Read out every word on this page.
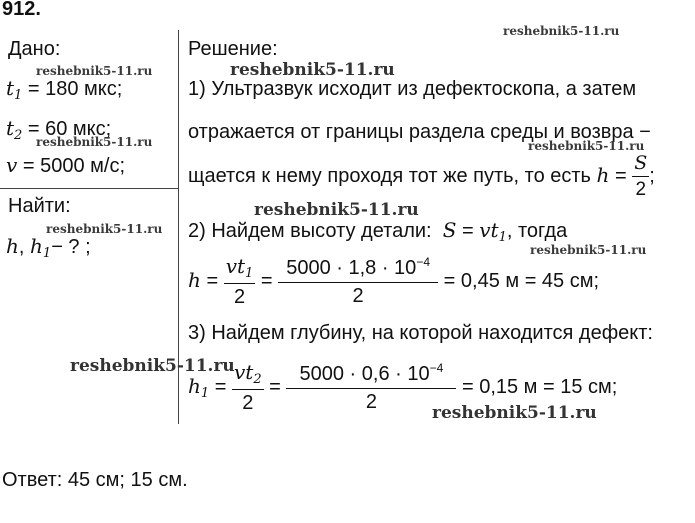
912.
Дано:
$t_1 = 180$ мкс;
$t_2 = 60$ мкс;
v = 5000 м/с;
Найти:
h, $h_1-$ ? ;
Решение:
1) Ультразвук исходит из дефектоскопа, а затем
отражается от границы раздела среды и возвра −
щается к нему проходя тот же путь, то есть $h = \frac{S}{2}$ ;
2) Найдем высоту детали: $S = vt_1$, тогда
$h = \frac{vt_1}{2} = \frac{5000 \cdot 1,8 \cdot 10^{-4}}{2} = 0,45$ м = 45 см;
3) Найдем глубину, на которой находится дефект:
$h_1 = \frac{vt_2}{2} = \frac{5000 \cdot 0,6 \cdot 10^{-4}}{2} = 0,15$ м = 15 см;
Ответ: 45 см; 15 см.
reshebnik5-11.ru
reshebnik5-11.ru	reshebnik5-11.ru
reshebnik5-11.ru	reshebnik5-11.ru
reshebnik5-11.ru
reshebnik5-11.ru
reshebnik5-11.ru
reshebnik5-11.ru
reshebnik5-11.ru
